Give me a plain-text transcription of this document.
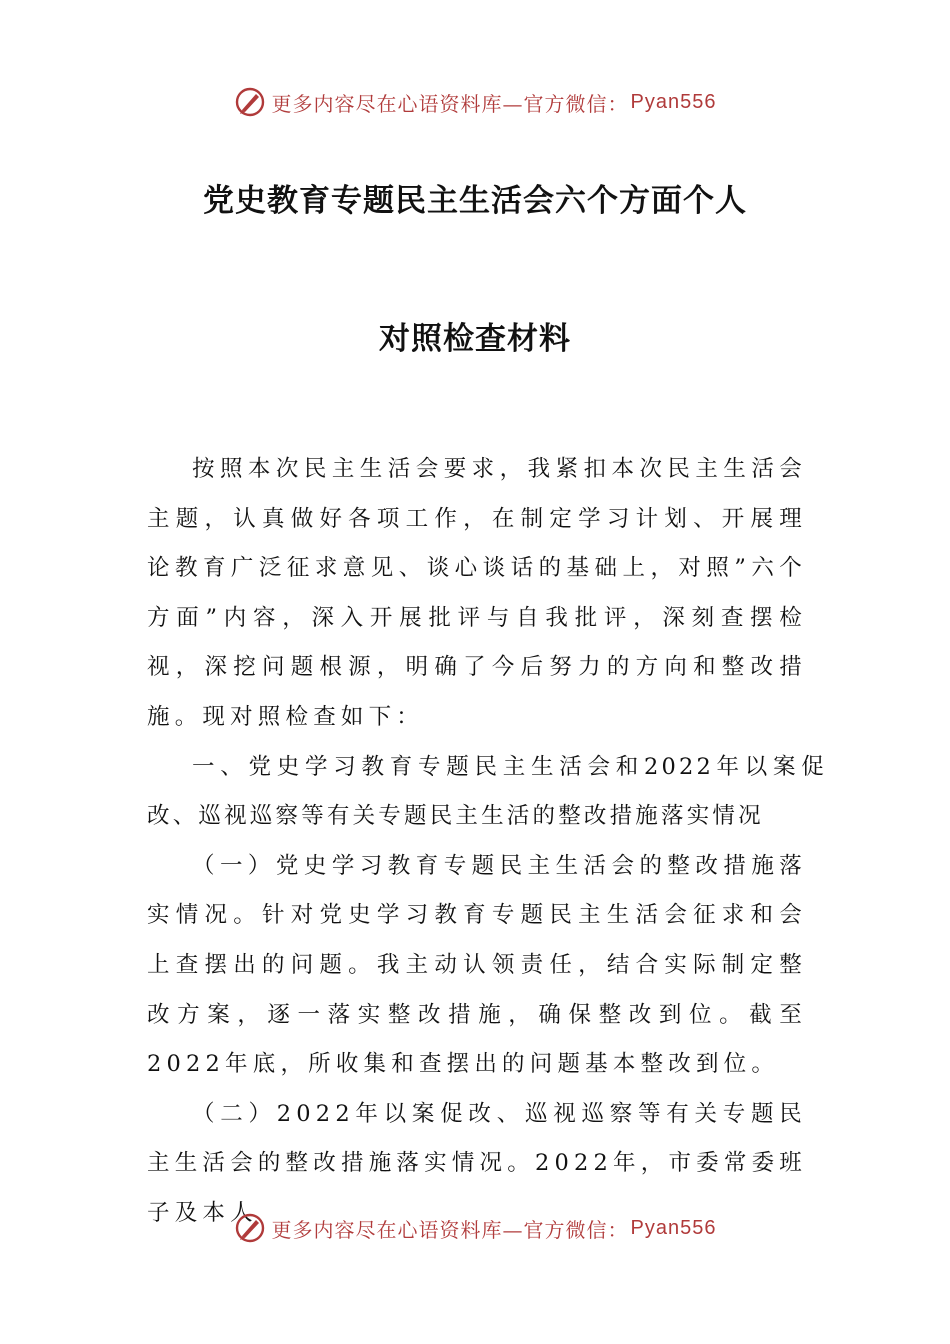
更多内容尽在心语资料库—官方微信： Pyan556
党史教育专题民主生活会六个方面个人
对照检查材料

按照本次民主生活会要求，我紧扣本次民主生活会主题，认真做好各项工作，在制定学习计划、开展理论教育广泛征求意见、谈心谈话的基础上，对照”六个方面”内容，深入开展批评与自我批评，深刻查摆检视，深挖问题根源，明确了今后努力的方向和整改措施。现对照检查如下：

一、党史学习教育专题民主生活会和2022年以案促改、巡视巡察等有关专题民主生活的整改措施落实情况

（一）党史学习教育专题民主生活会的整改措施落实情况。针对党史学习教育专题民主生活会征求和会上查摆出的问题。我主动认领责任，结合实际制定整改方案，逐一落实整改措施，确保整改到位。截至2022年底，所收集和查摆出的问题基本整改到位。

（二）2022年以案促改、巡视巡察等有关专题民主生活会的整改措施落实情况。2022年，市委常委班子及本人

更多内容尽在心语资料库—官方微信： Pyan556
